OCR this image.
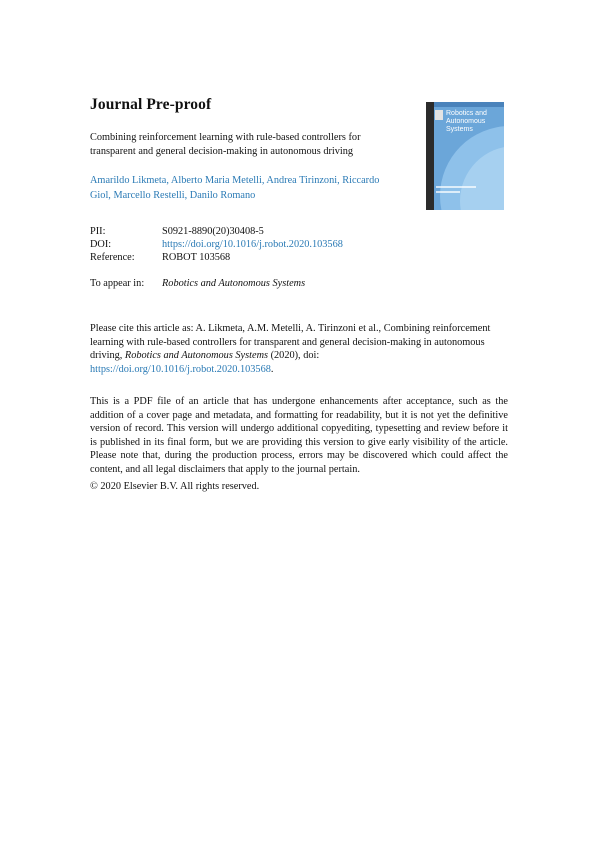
Journal Pre-proof
Robotics and
Autonomous Systems
Combining reinforcement learning with rule-based controllers for transparent and general decision-making in autonomous driving
Amarildo Likmeta, Alberto Maria Metelli, Andrea Tirinzoni, Riccardo Giol, Marcello Restelli, Danilo Romano
PII:	S0921-8890(20)30408-5
DOI:	https://doi.org/10.1016/j.robot.2020.103568
Reference:	ROBOT 103568
To appear in: Robotics and Autonomous Systems
Please cite this article as: A. Likmeta, A.M. Metelli, A. Tirinzoni et al., Combining reinforcement learning with rule-based controllers for transparent and general decision-making in autonomous driving, Robotics and Autonomous Systems (2020), doi:
https://doi.org/10.1016/j.robot.2020.103568.
This is a PDF file of an article that has undergone enhancements after acceptance, such as the addition of a cover page and metadata, and formatting for readability, but it is not yet the definitive version of record. This version will undergo additional copyediting, typesetting and review before it is published in its final form, but we are providing this version to give early visibility of the article. Please note that, during the production process, errors may be discovered which could affect the content, and all legal disclaimers that apply to the journal pertain.
© 2020 Elsevier B.V. All rights reserved.
